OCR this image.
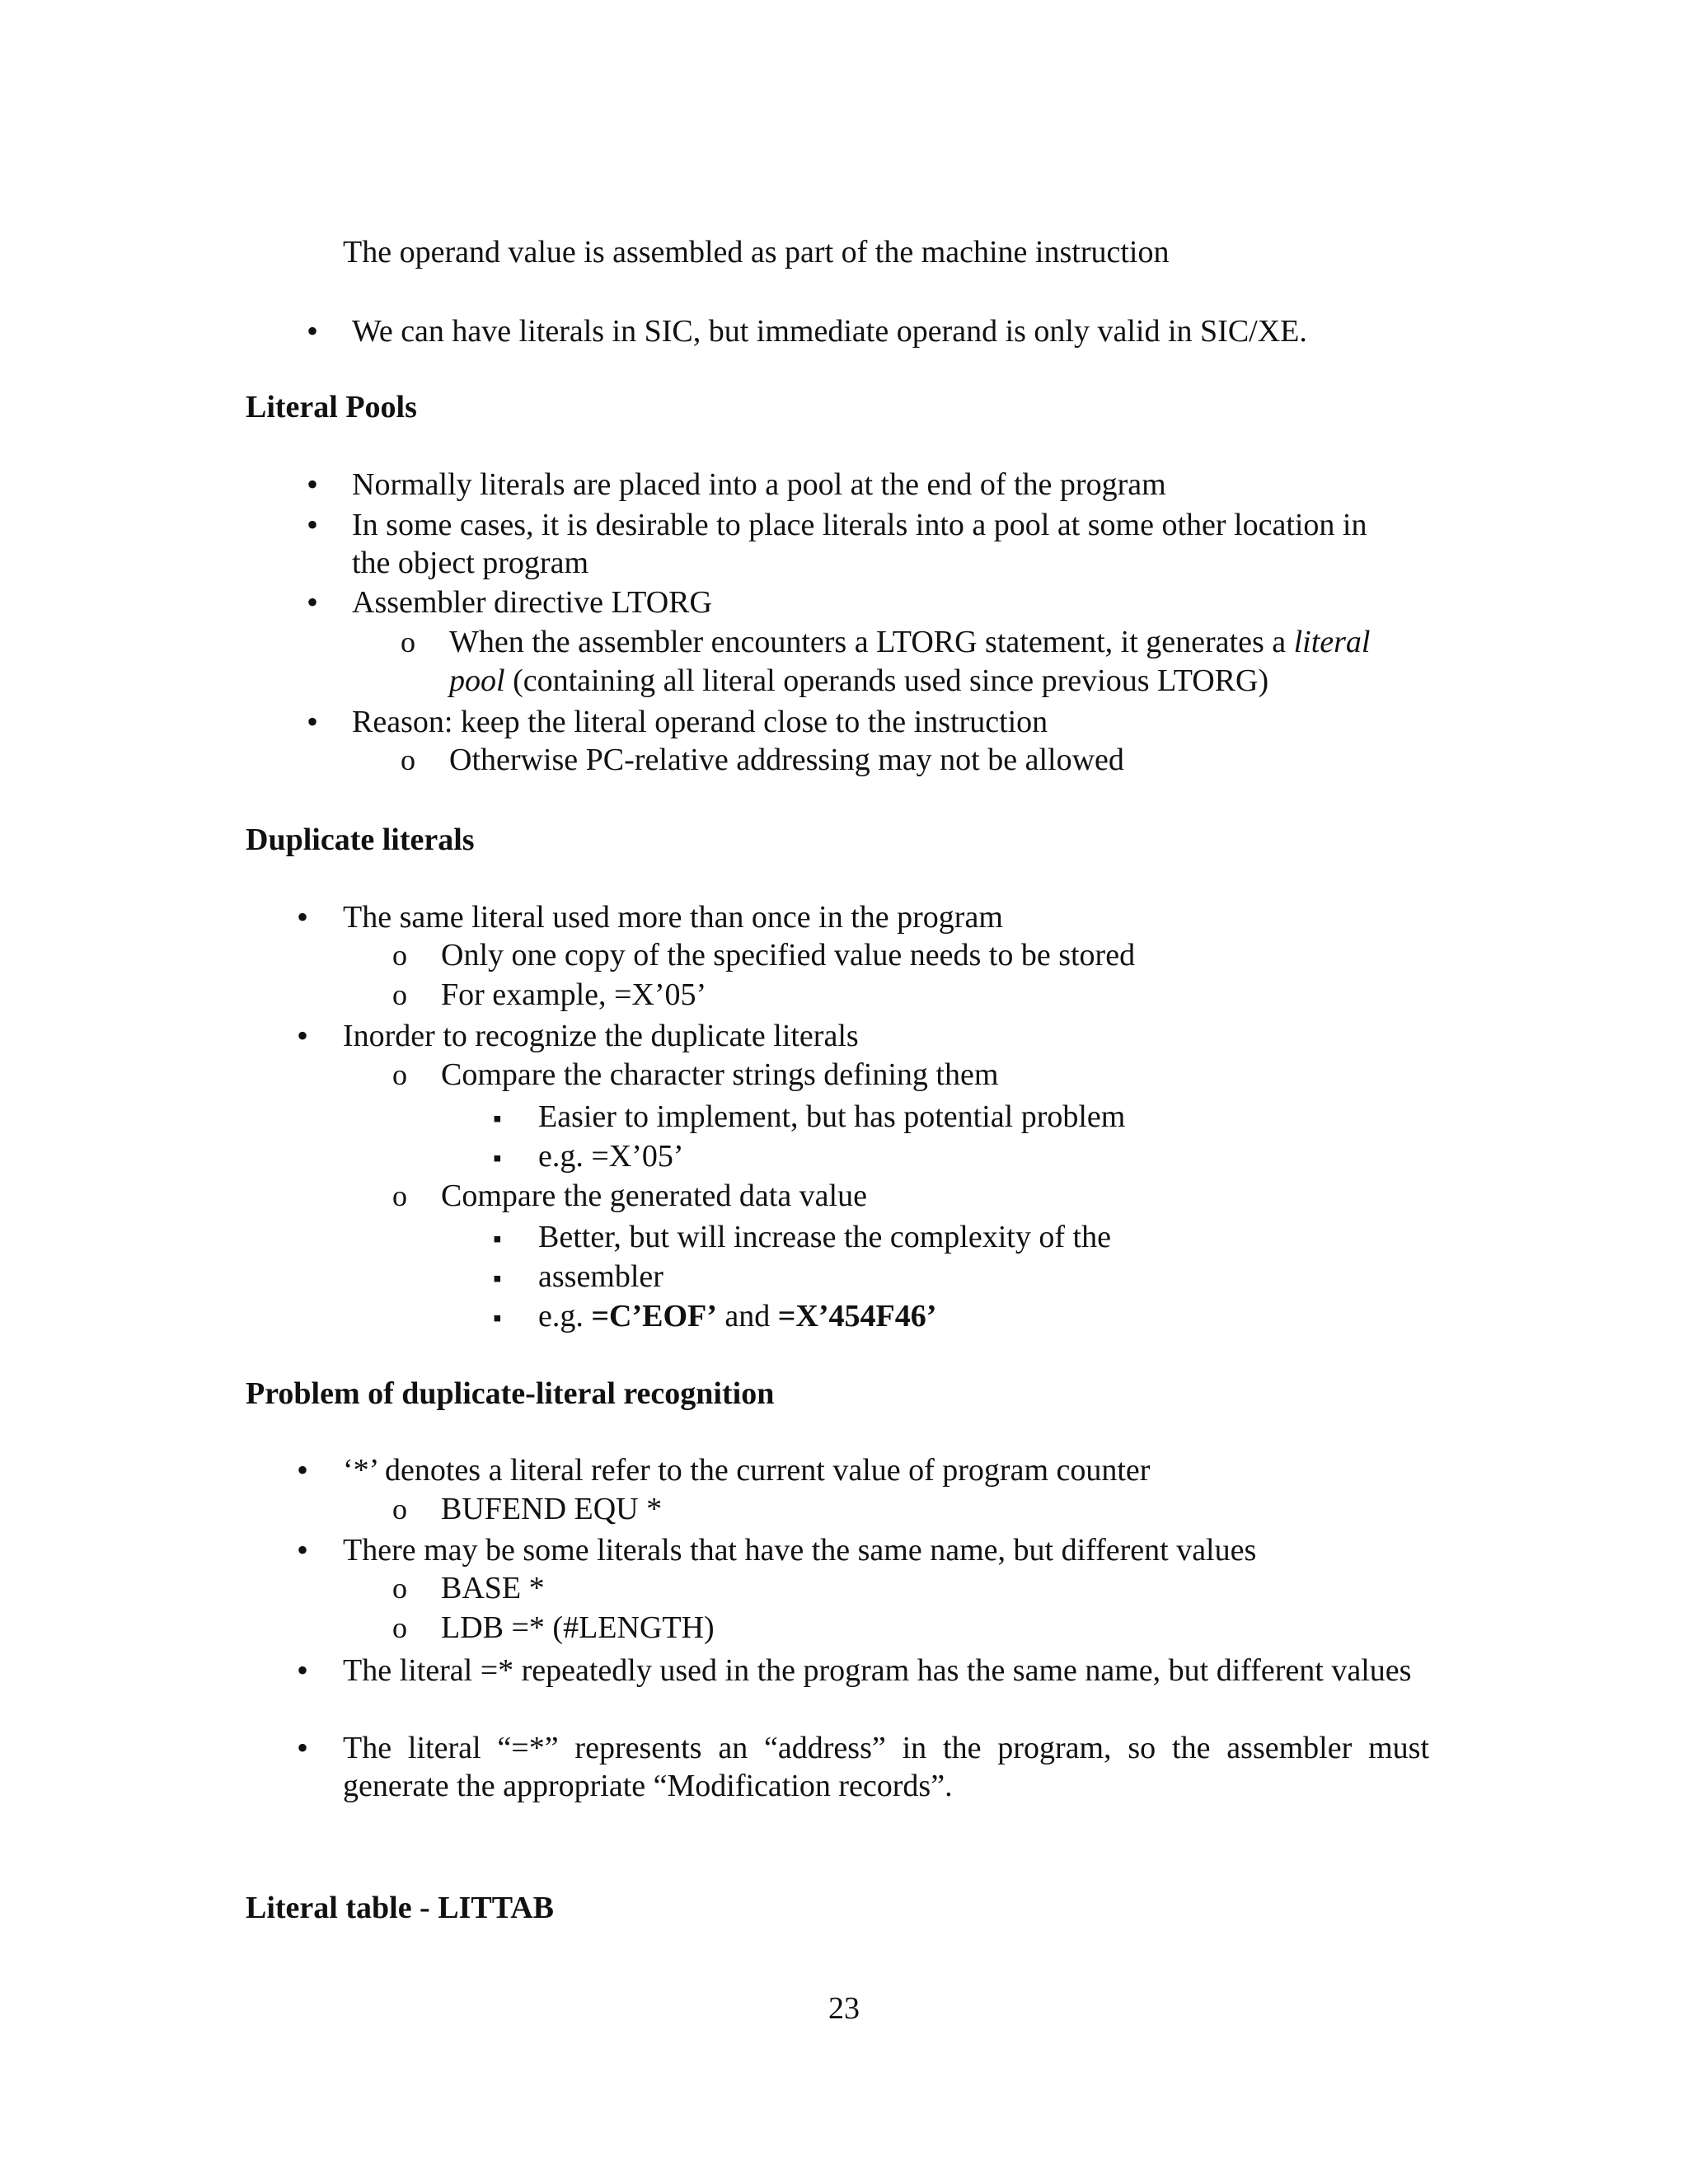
The operand value is assembled as part of the machine instruction
•
We can have literals in SIC, but immediate operand is only valid in SIC/XE.
Literal Pools
•
Normally literals are placed into a pool at the end of the program
•
In some cases, it is desirable to place literals into a pool at some other location in
the object program
•
Assembler directive LTORG
o
When the assembler encounters a LTORG statement, it generates a literal
pool (containing all literal operands used since previous LTORG)
•
Reason: keep the literal operand close to the instruction
o
Otherwise PC-relative addressing may not be allowed
Duplicate literals
•
The same literal used more than once in the program
o
Only one copy of the specified value needs to be stored
o
For example, =X’05’
•
Inorder to recognize the duplicate literals
o
Compare the character strings defining them
▪
Easier to implement, but has potential problem
▪
e.g. =X’05’
o
Compare the generated data value
▪
Better, but will increase the complexity of the
▪
assembler
▪
e.g. =C’EOF’ and =X’454F46’
Problem of duplicate-literal recognition
•
‘*’ denotes a literal refer to the current value of program counter
o
BUFEND EQU *
•
There may be some literals that have the same name, but different values
o
BASE *
o
LDB =* (#LENGTH)
•
The literal =* repeatedly used in the program has the same name, but different values
•
The literal “=*” represents an “address” in the program, so the assembler must generate the appropriate “Modification records”.
Literal table - LITTAB
23
